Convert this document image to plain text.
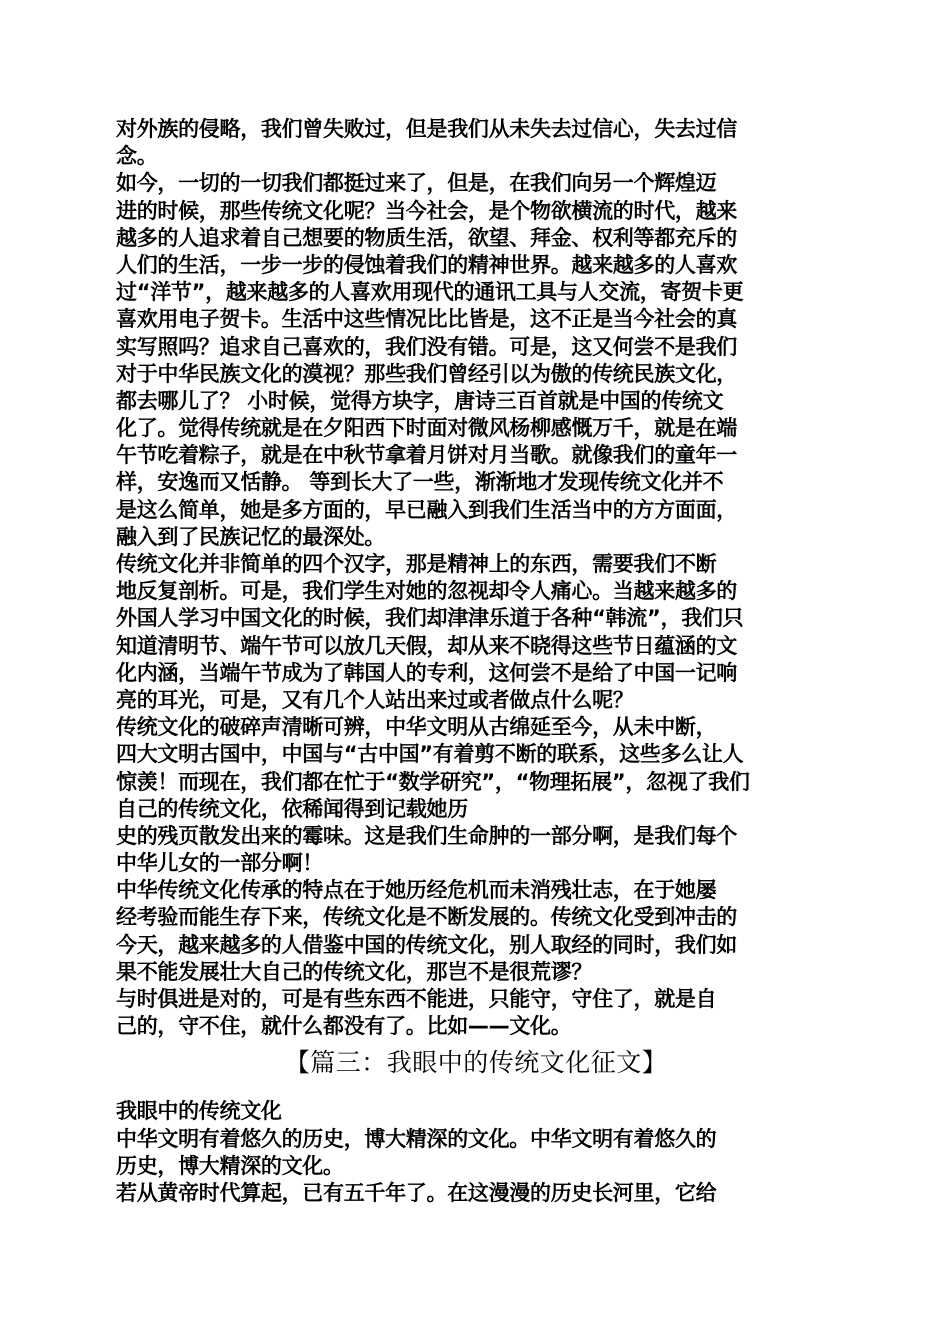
对外族的侵略，我们曾失败过，但是我们从未失去过信心，失去过信
念。
如今，一切的一切我们都挺过来了，但是，在我们向另一个辉煌迈
进的时候，那些传统文化呢？当今社会，是个物欲横流的时代，越来
越多的人追求着自己想要的物质生活，欲望、拜金、权利等都充斥的
人们的生活，一步一步的侵蚀着我们的精神世界。越来越多的人喜欢
过“洋节”，越来越多的人喜欢用现代的通讯工具与人交流，寄贺卡更
喜欢用电子贺卡。生活中这些情况比比皆是，这不正是当今社会的真
实写照吗？追求自己喜欢的，我们没有错。可是，这又何尝不是我们
对于中华民族文化的漠视？那些我们曾经引以为傲的传统民族文化，
都去哪儿了？ 小时候，觉得方块字，唐诗三百首就是中国的传统文
化了。觉得传统就是在夕阳西下时面对微风杨柳感慨万千，就是在端
午节吃着粽子，就是在中秋节拿着月饼对月当歌。就像我们的童年一
样，安逸而又恬静。 等到长大了一些，渐渐地才发现传统文化并不
是这么简单，她是多方面的，早已融入到我们生活当中的方方面面，
融入到了民族记忆的最深处。
传统文化并非简单的四个汉字，那是精神上的东西，需要我们不断
地反复剖析。可是，我们学生对她的忽视却令人痛心。当越来越多的
外国人学习中国文化的时候，我们却津津乐道于各种“韩流”，我们只
知道清明节、端午节可以放几天假，却从来不晓得这些节日蕴涵的文
化内涵，当端午节成为了韩国人的专利，这何尝不是给了中国一记响
亮的耳光，可是，又有几个人站出来过或者做点什么呢？
传统文化的破碎声清晰可辨，中华文明从古绵延至今，从未中断，
四大文明古国中，中国与“古中国”有着剪不断的联系，这些多么让人
惊羡！而现在，我们都在忙于“数学研究”，“物理拓展”，忽视了我们
自己的传统文化，依稀闻得到记载她历
史的残页散发出来的霉味。这是我们生命肿的一部分啊，是我们每个
中华儿女的一部分啊！
中华传统文化传承的特点在于她历经危机而未消残壮志，在于她屡
经考验而能生存下来，传统文化是不断发展的。传统文化受到冲击的
今天，越来越多的人借鉴中国的传统文化，别人取经的同时，我们如
果不能发展壮大自己的传统文化，那岂不是很荒谬？
与时俱进是对的，可是有些东西不能进，只能守，守住了，就是自
己的，守不住，就什么都没有了。比如——文化。
【篇三：我眼中的传统文化征文】
我眼中的传统文化
中华文明有着悠久的历史，博大精深的文化。中华文明有着悠久的
历史，博大精深的文化。
若从黄帝时代算起，已有五千年了。在这漫漫的历史长河里，它给
